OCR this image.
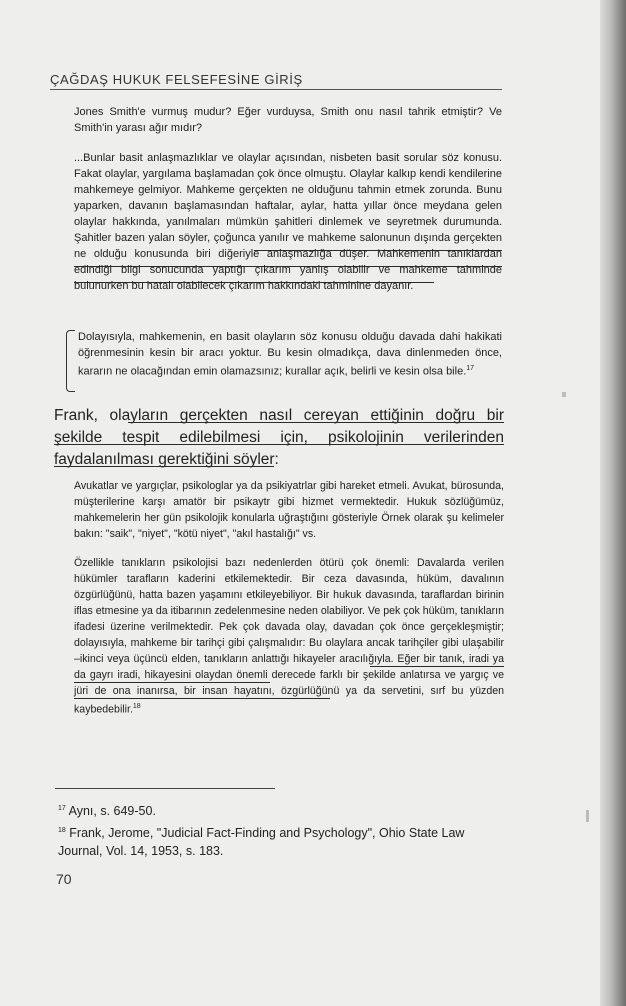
ÇAĞDAŞ HUKUK FELSEFESİNE GİRİŞ

Jones Smith'e vurmuş mudur? Eğer vurduysa, Smith onu nasıl tahrik etmiştir? Ve Smith'in yarası ağır mıdır?

...Bunlar basit anlaşmazlıklar ve olaylar açısından, nisbeten basit sorular söz konusu. Fakat olaylar, yargılama başlamadan çok önce olmuştu. Olaylar kalkıp kendi kendilerine mahkemeye gelmiyor. Mahkeme gerçekten ne olduğunu tahmin etmek zorunda. Bunu yaparken, davanın başlamasından haftalar, aylar, hatta yıllar önce meydana gelen olaylar hakkında, yanılmaları mümkün şahitleri dinlemek ve seyretmek durumunda. Şahitler bazen yalan söyler, çoğunca yanılır ve mahkeme salonunun dışında gerçekten ne olduğu konusunda biri diğeriyle anlaşmazlığa düşer. Mahkemenin tanıklardan edindiği bilgi sonucunda yaptığı çıkarım yanlış olabilir ve mahkeme tahminde bulunurken bu hatalı olabilecek çıkarım hakkındaki tahminine dayanır.

Dolayısıyla, mahkemenin, en basit olayların söz konusu olduğu davada dahi hakikati öğrenmesinin kesin bir aracı yoktur. Bu kesin olmadıkça, dava dinlenmeden önce, kararın ne olacağından emin olamazsınız; kurallar açık, belirli ve kesin olsa bile.$^{17}$

Frank, olayların gerçekten nasıl cereyan ettiğinin doğru bir şekilde tespit edilebilmesi için, psikolojinin verilerinden faydalanılması gerektiğini söyler:

Avukatlar ve yargıçlar, psikologlar ya da psikiyatrlar gibi hareket etmeli. Avukat, bürosunda, müşterilerine karşı amatör bir psikaytr gibi hizmet vermektedir. Hukuk sözlüğümüz, mahkemelerin her gün psikolojik konularla uğraştığını gösteriyle Örnek olarak şu kelimeler bakın: "saik", "niyet", "kötü niyet", "akıl hastalığı" vs.

Özellikle tanıkların psikolojisi bazı nedenlerden ötürü çok önemli: Davalarda verilen hükümler tarafların kaderini etkilemektedir. Bir ceza davasında, hüküm, davalının özgürlüğünü, hatta bazen yaşamını etkileyebiliyor. Bir hukuk davasında, taraflardan birinin iflas etmesine ya da itibarının zedelenmesine neden olabiliyor. Ve pek çok hüküm, tanıkların ifadesi üzerine verilmektedir. Pek çok davada olay, davadan çok önce gerçekleşmiştir; dolayısıyla, mahkeme bir tarihçi gibi çalışmalıdır: Bu olaylara ancak tarihçiler gibi ulaşabilir –ikinci veya üçüncü elden, tanıkların anlattığı hikayeler aracılığıyla. Eğer bir tanık, iradi ya da gayrı iradi, hikayesini olaydan önemli derecede farklı bir şekilde anlatırsa ve yargıç ve jüri de ona inanırsa, bir insan hayatını, özgürlüğünü ya da servetini, sırf bu yüzden kaybedebilir.$^{18}$

$^{17}$ Aynı, s. 649-50.
$^{18}$ Frank, Jerome, "Judicial Fact-Finding and Psychology", Ohio State Law Journal, Vol. 14, 1953, s. 183.
70
